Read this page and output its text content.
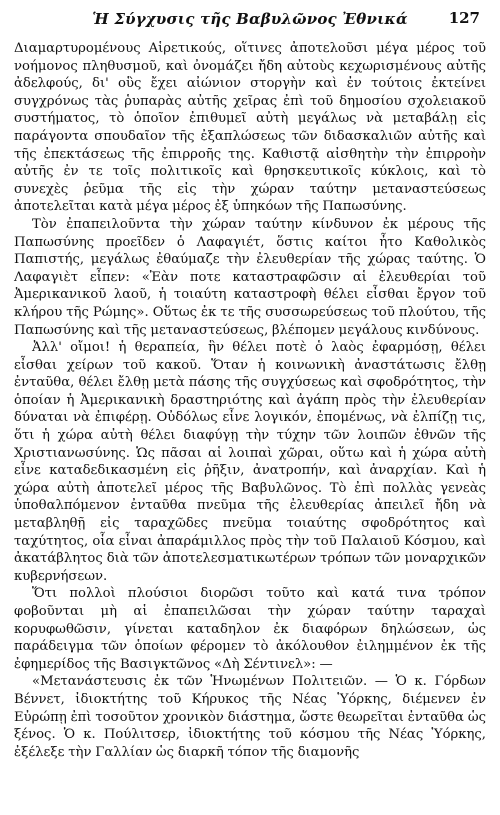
Ἡ Σύγχυσις τῆς Βαβυλῶνος Ἐθνικά	127

Διαμαρτυρομένους Αἱρετικούς, οἵτινες ἀποτελοῦσι μέγα μέρος τοῦ νοήμονος πληθυσμοῦ, καὶ ὀνομάζει ἤδη αὐτοὺς κεχωρισμένους αὐτῆς ἀδελφούς, δι' οὓς ἔχει αἰώνιον στοργὴν καὶ ἐν τούτοις ἐκτείνει συγχρόνως τὰς ῥυπαρὰς αὐτῆς χεῖρας ἐπὶ τοῦ δημοσίου σχολειακοῦ συστήματος, τὸ ὁποῖον ἐπιθυμεῖ αὐτὴ μεγάλως νὰ μεταβάλῃ εἰς παράγοντα σπουδαῖον τῆς ἐξαπλώσεως τῶν διδασκαλιῶν αὐτῆς καὶ τῆς ἐπεκτάσεως τῆς ἐπιρροῆς της. Καθιστᾷ αἰσθητὴν τὴν ἐπιρροὴν αὐτῆς ἐν τε τοῖς πολιτικοῖς καὶ θρησκευτικοῖς κύκλοις, καὶ τὸ συνεχὲς ῥεῦμα τῆς εἰς τὴν χώραν ταύτην μεταναστεύσεως ἀποτελεῖται κατὰ μέγα μέρος ἐξ ὑπηκόων τῆς Παπωσύνης.

Τὸν ἐπαπειλοῦντα τὴν χώραν ταύτην κίνδυνον ἐκ μέρους τῆς Παπωσύνης προεῖδεν ὁ Λαφαγιέτ, ὅστις καίτοι ἦτο Καθολικὸς Παπιστής, μεγάλως ἐθαύμαζε τὴν ἐλευθερίαν τῆς χώρας ταύτης. Ὁ Λαφαγιὲτ εἶπεν: «Ἐὰν ποτε καταστραφῶσιν αἱ ἐλευθερίαι τοῦ Ἀμερικανικοῦ λαοῦ, ἡ τοιαύτη καταστροφὴ θέλει εἶσθαι ἔργον τοῦ κλήρου τῆς Ρώμης». Οὕτως ἐκ τε τῆς συσσωρεύσεως τοῦ πλούτου, τῆς Παπωσύνης καὶ τῆς μεταναστεύσεως, βλέπομεν μεγάλους κινδύνους.

Ἀλλ' οἴμοι! ἡ θεραπεία, ἣν θέλει ποτὲ ὁ λαὸς ἐφαρμόσῃ, θέλει εἶσθαι χείρων τοῦ κακοῦ. Ὅταν ἡ κοινωνικὴ ἀναστάτωσις ἔλθῃ ἐνταῦθα, θέλει ἔλθῃ μετὰ πάσης τῆς συγχύσεως καὶ σφοδρότητος, τὴν ὁποίαν ἡ Ἀμερικανικὴ δραστηριότης καὶ ἀγάπη πρὸς τὴν ἐλευθερίαν δύναται νὰ ἐπιφέρῃ. Οὐδόλως εἶνε λογικόν, ἐπομένως, νὰ ἐλπίζῃ τις, ὅτι ἡ χώρα αὐτὴ θέλει διαφύγῃ τὴν τύχην τῶν λοιπῶν ἐθνῶν τῆς Χριστιανωσύνης. Ὡς πᾶσαι αἱ λοιπαὶ χῶραι, οὕτω καὶ ἡ χώρα αὐτὴ εἶνε καταδεδικασμένη εἰς ῥῆξιν, ἀνατροπήν, καὶ ἀναρχίαν. Καὶ ἡ χώρα αὐτὴ ἀποτελεῖ μέρος τῆς Βαβυλῶνος. Τὸ ἐπὶ πολλὰς γενεὰς ὑποθαλπόμενον ἐνταῦθα πνεῦμα τῆς ἐλευθερίας ἀπειλεῖ ἤδη νὰ μεταβληθῇ εἰς ταραχῶδες πνεῦμα τοιαύτης σφοδρότητος καὶ ταχύτητος, οἷα εἶναι ἀπαράμιλλος πρὸς τὴν τοῦ Παλαιοῦ Κόσμου, καὶ ἀκατάβλητος διὰ τῶν ἀποτελεσματικωτέρων τρόπων τῶν μοναρχικῶν κυβερνήσεων.

Ὅτι πολλοὶ πλούσιοι διορῶσι τοῦτο καὶ κατά τινα τρόπον φοβοῦνται μὴ αἱ ἐπαπειλῶσαι τὴν χώραν ταύτην ταραχαὶ κορυφωθῶσιν, γίνεται καταδηλον ἐκ διαφόρων δηλώσεων, ὡς παράδειγμα τῶν ὁποίων φέρομεν τὸ ἀκόλουθον ἐιλημμένον ἐκ τῆς ἐφημερίδος τῆς Βασιγκτῶνος «Δὴ Σέντινελ»: —

«Μετανάστευσις ἐκ τῶν Ἡνωμένων Πολιτειῶν. — Ὁ κ. Γόρδων Βέννετ, ἰδιοκτήτης τοῦ Κήρυκος τῆς Νέας Ὑόρκης, διέμενεν ἐν Εὐρώπῃ ἐπὶ τοσοῦτον χρονικὸν διάστημα, ὥστε θεωρεῖται ἐνταῦθα ὡς ξένος. Ὁ κ. Πούλιτσερ, ἰδιοκτήτης τοῦ κόσμου τῆς Νέας Ὑόρκης, ἐξέλεξε τὴν Γαλλίαν ὡς διαρκῆ τόπον τῆς διαμονῆς
